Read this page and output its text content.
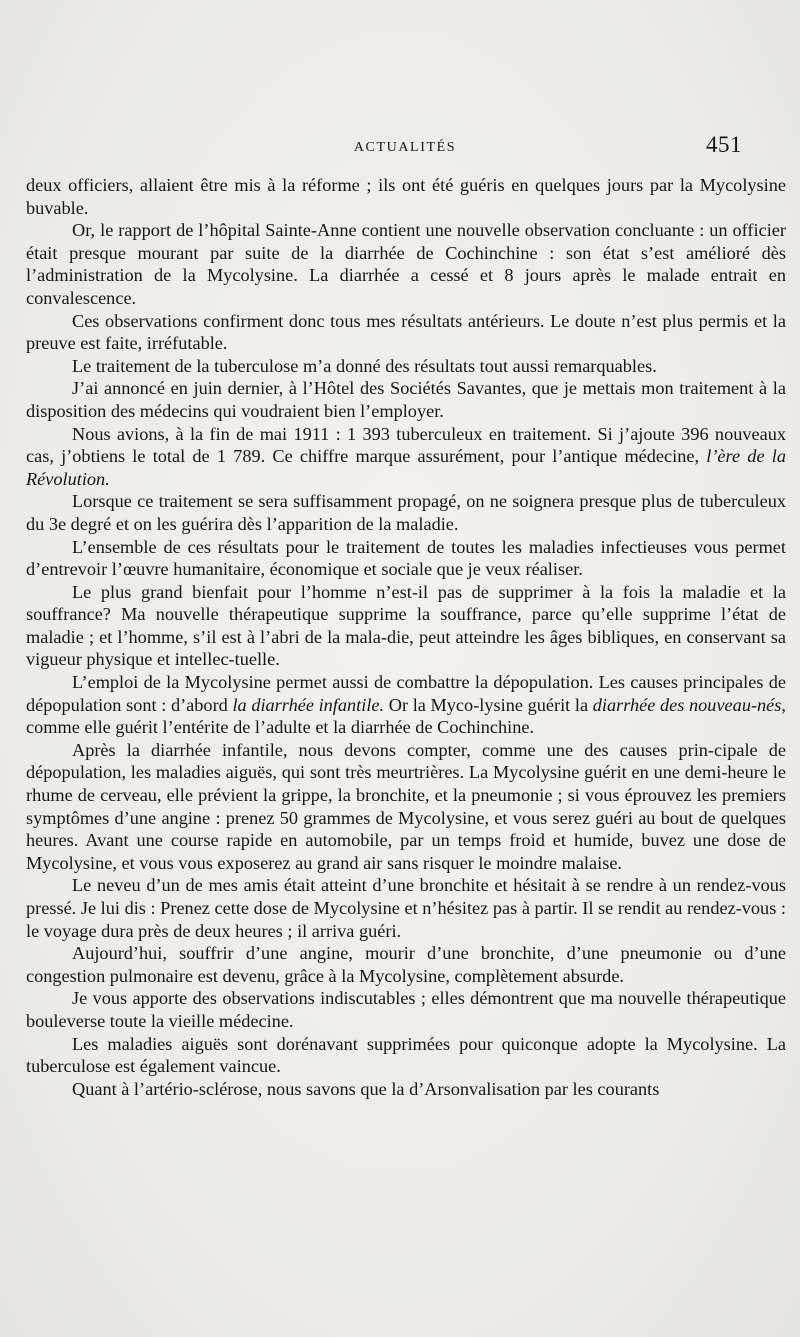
ACTUALITÉS	451

deux officiers, allaient être mis à la réforme ; ils ont été guéris en quelques jours par la Mycolysine buvable.

Or, le rapport de l’hôpital Sainte-Anne contient une nouvelle observation concluante : un officier était presque mourant par suite de la diarrhée de Cochinchine : son état s’est amélioré dès l’administration de la Mycolysine. La diarrhée a cessé et 8 jours après le malade entrait en convalescence.

Ces observations confirment donc tous mes résultats antérieurs. Le doute n’est plus permis et la preuve est faite, irréfutable.

Le traitement de la tuberculose m’a donné des résultats tout aussi remarquables.

J’ai annoncé en juin dernier, à l’Hôtel des Sociétés Savantes, que je mettais mon traitement à la disposition des médecins qui voudraient bien l’employer.

Nous avions, à la fin de mai 1911 : 1 393 tuberculeux en traitement. Si j’ajoute 396 nouveaux cas, j’obtiens le total de 1 789. Ce chiffre marque assurément, pour l’antique médecine, l’ère de la Révolution.

Lorsque ce traitement se sera suffisamment propagé, on ne soignera presque plus de tuberculeux du 3e degré et on les guérira dès l’apparition de la maladie.

L’ensemble de ces résultats pour le traitement de toutes les maladies infectieuses vous permet d’entrevoir l’œuvre humanitaire, économique et sociale que je veux réaliser.

Le plus grand bienfait pour l’homme n’est-il pas de supprimer à la fois la maladie et la souffrance? Ma nouvelle thérapeutique supprime la souffrance, parce qu’elle supprime l’état de maladie ; et l’homme, s’il est à l’abri de la mala-die, peut atteindre les âges bibliques, en conservant sa vigueur physique et intellec-tuelle.

L’emploi de la Mycolysine permet aussi de combattre la dépopulation. Les causes principales de dépopulation sont : d’abord la diarrhée infantile. Or la Myco-lysine guérit la diarrhée des nouveau-nés, comme elle guérit l’entérite de l’adulte et la diarrhée de Cochinchine.

Après la diarrhée infantile, nous devons compter, comme une des causes prin-cipale de dépopulation, les maladies aiguës, qui sont très meurtrières. La Mycolysine guérit en une demi-heure le rhume de cerveau, elle prévient la grippe, la bronchite, et la pneumonie ; si vous éprouvez les premiers symptômes d’une angine : prenez 50 grammes de Mycolysine, et vous serez guéri au bout de quelques heures. Avant une course rapide en automobile, par un temps froid et humide, buvez une dose de Mycolysine, et vous vous exposerez au grand air sans risquer le moindre malaise.

Le neveu d’un de mes amis était atteint d’une bronchite et hésitait à se rendre à un rendez-vous pressé. Je lui dis : Prenez cette dose de Mycolysine et n’hésitez pas à partir. Il se rendit au rendez-vous : le voyage dura près de deux heures ; il arriva guéri.

Aujourd’hui, souffrir d’une angine, mourir d’une bronchite, d’une pneumonie ou d’une congestion pulmonaire est devenu, grâce à la Mycolysine, complètement absurde.

Je vous apporte des observations indiscutables ; elles démontrent que ma nouvelle thérapeutique bouleverse toute la vieille médecine.

Les maladies aiguës sont dorénavant supprimées pour quiconque adopte la Mycolysine. La tuberculose est également vaincue.

Quant à l’artério-sclérose, nous savons que la d’Arsonvalisation par les courants
